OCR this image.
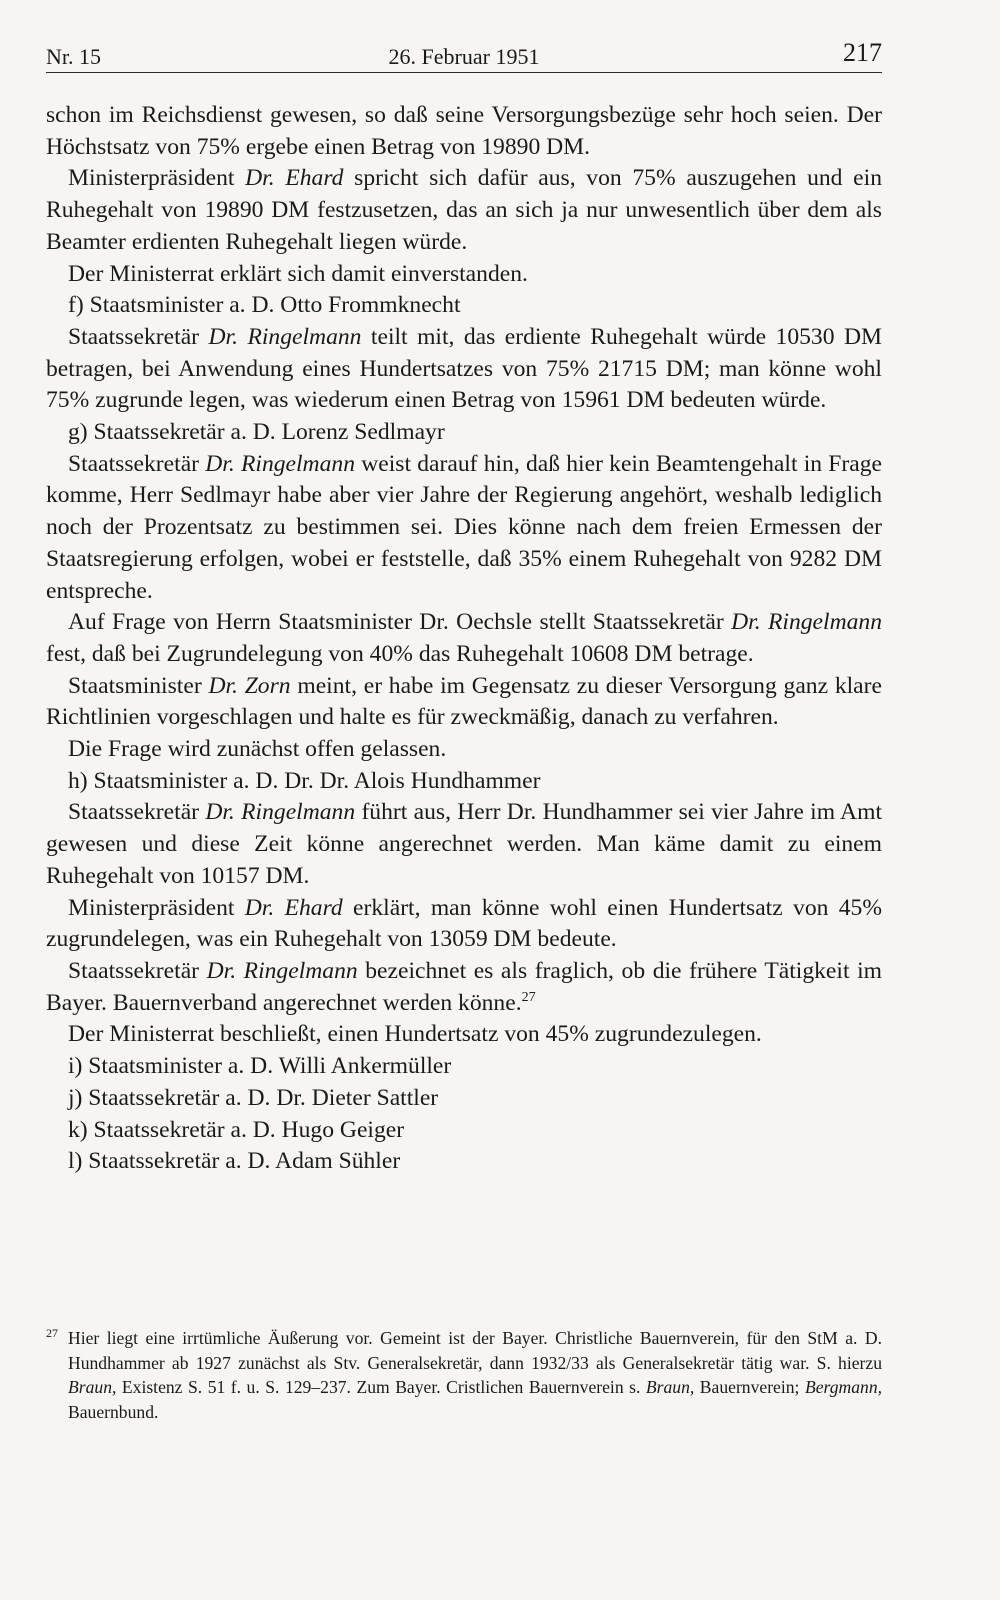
Nr. 15	26. Februar 1951	217

schon im Reichsdienst gewesen, so daß seine Versorgungsbezüge sehr hoch seien. Der Höchstsatz von 75% ergebe einen Betrag von 19890 DM.

Ministerpräsident Dr. Ehard spricht sich dafür aus, von 75% auszugehen und ein Ruhegehalt von 19890 DM festzusetzen, das an sich ja nur unwesentlich über dem als Beamter erdienten Ruhegehalt liegen würde.

Der Ministerrat erklärt sich damit einverstanden.

f) Staatsminister a. D. Otto Frommknecht

Staatssekretär Dr. Ringelmann teilt mit, das erdiente Ruhegehalt würde 10530 DM betragen, bei Anwendung eines Hundertsatzes von 75% 21715 DM; man könne wohl 75% zugrunde legen, was wiederum einen Betrag von 15961 DM bedeuten würde.

g) Staatssekretär a. D. Lorenz Sedlmayr

Staatssekretär Dr. Ringelmann weist darauf hin, daß hier kein Beamtengehalt in Frage komme, Herr Sedlmayr habe aber vier Jahre der Regierung angehört, weshalb lediglich noch der Prozentsatz zu bestimmen sei. Dies könne nach dem freien Ermessen der Staatsregierung erfolgen, wobei er feststelle, daß 35% einem Ruhegehalt von 9282 DM entspreche.

Auf Frage von Herrn Staatsminister Dr. Oechsle stellt Staatssekretär Dr. Ringelmann fest, daß bei Zugrundelegung von 40% das Ruhegehalt 10608 DM betrage.

Staatsminister Dr. Zorn meint, er habe im Gegensatz zu dieser Versorgung ganz klare Richtlinien vorgeschlagen und halte es für zweckmäßig, danach zu verfahren.

Die Frage wird zunächst offen gelassen.

h) Staatsminister a. D. Dr. Dr. Alois Hundhammer

Staatssekretär Dr. Ringelmann führt aus, Herr Dr. Hundhammer sei vier Jahre im Amt gewesen und diese Zeit könne angerechnet werden. Man käme damit zu einem Ruhegehalt von 10157 DM.

Ministerpräsident Dr. Ehard erklärt, man könne wohl einen Hundertsatz von 45% zugrundelegen, was ein Ruhegehalt von 13059 DM bedeute.

Staatssekretär Dr. Ringelmann bezeichnet es als fraglich, ob die frühere Tätigkeit im Bayer. Bauernverband angerechnet werden könne.$^{27}$

Der Ministerrat beschließt, einen Hundertsatz von 45% zugrundezulegen.

i) Staatsminister a. D. Willi Ankermüller

j) Staatssekretär a. D. Dr. Dieter Sattler

k) Staatssekretär a. D. Hugo Geiger

l) Staatssekretär a. D. Adam Sühler

27 Hier liegt eine irrtümliche Äußerung vor. Gemeint ist der Bayer. Christliche Bauernverein, für den StM a. D. Hundhammer ab 1927 zunächst als Stv. Generalsekretär, dann 1932/33 als Generalsekretär tätig war. S. hierzu Braun, Existenz S. 51 f. u. S. 129–237. Zum Bayer. Cristlichen Bauernverein s. Braun, Bauernverein; Bergmann, Bauernbund.
